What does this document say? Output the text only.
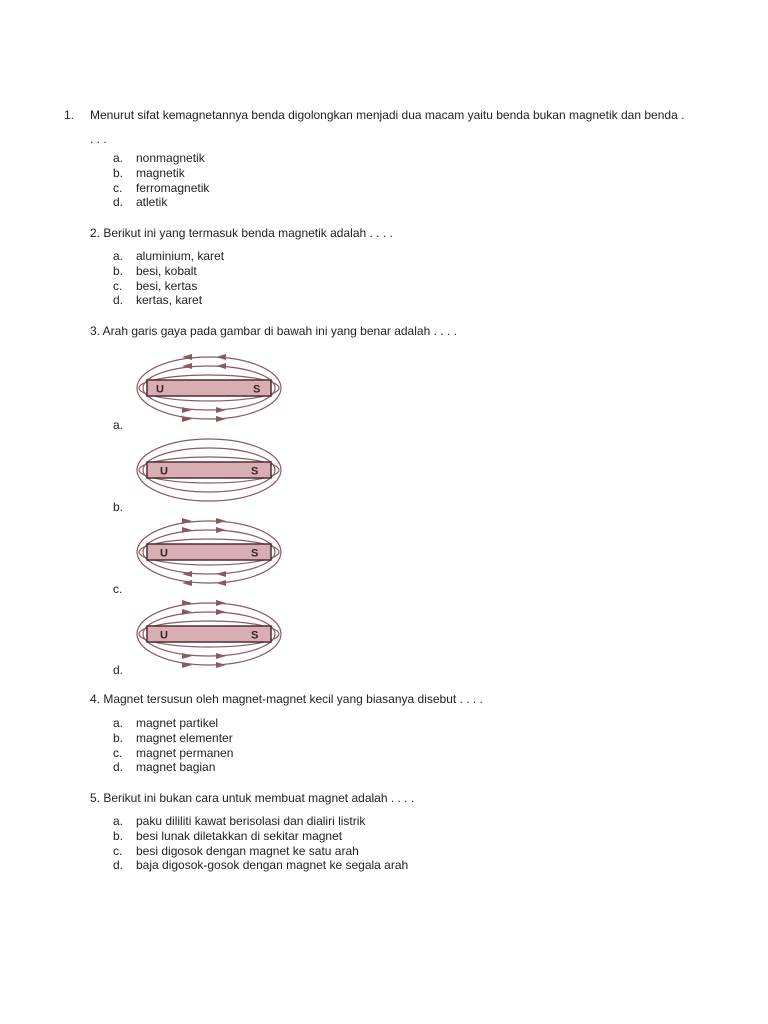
1. Menurut sifat kemagnetannya benda digolongkan menjadi dua macam yaitu benda bukan magnetik dan benda . . . .
a. nonmagnetik
b. magnetik
c. ferromagnetik
d. atletik
2. Berikut ini yang termasuk benda magnetik adalah . . . .
a. aluminium, karet
b. besi, kobalt
c. besi, kertas
d. kertas, karet
3. Arah garis gaya pada gambar di bawah ini yang benar adalah . . . .
U	S
a.
U	S
b.
U	S
c.
U	S
d.
4. Magnet tersusun oleh magnet-magnet kecil yang biasanya disebut . . . .
a. magnet partikel
b. magnet elementer
c. magnet permanen
d. magnet bagian
5. Berikut ini bukan cara untuk membuat magnet adalah . . . .
a. paku dililiti kawat berisolasi dan dialiri listrik
b. besi lunak diletakkan di sekitar magnet
c. besi digosok dengan magnet ke satu arah
d. baja digosok-gosok dengan magnet ke segala arah
